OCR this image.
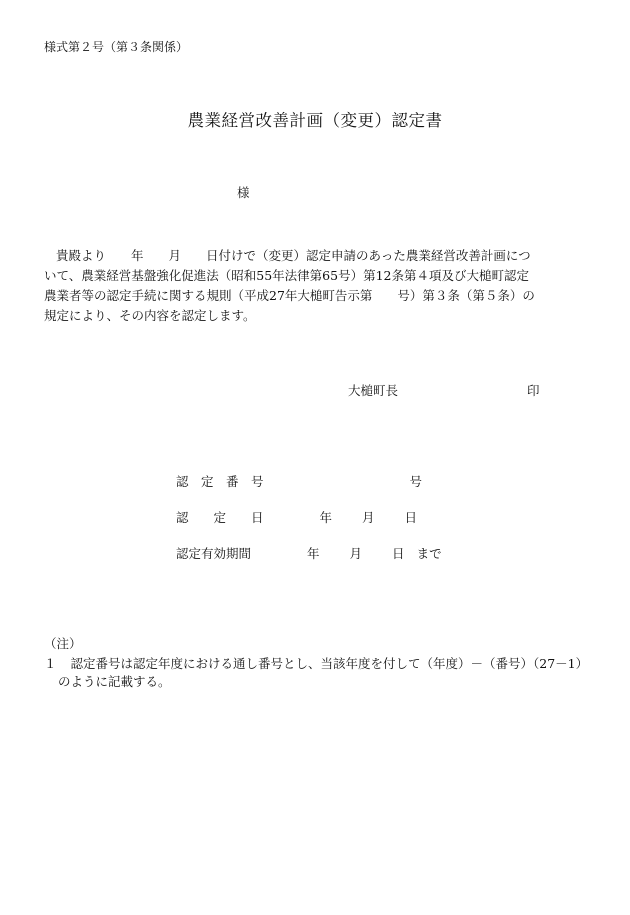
様式第２号（第３条関係）
農業経営改善計画（変更）認定書
様
貴殿より　　年　　月　　日付けで（変更）認定申請のあった農業経営改善計画につ
いて、農業経営基盤強化促進法（昭和55年法律第65号）第12条第４項及び大槌町認定
農業者等の認定手続に関する規則（平成27年大槌町告示第　　号）第３条（第５条）の
規定により、その内容を認定します。
大槌町長	印
認　定　番　号	号
認　　定　　日	年 月 日
認定有効期間	年 月 日 まで
（注）
１ 認定番号は認定年度における通し番号とし、当該年度を付して（年度）－（番号）（27－1）
のように記載する。
